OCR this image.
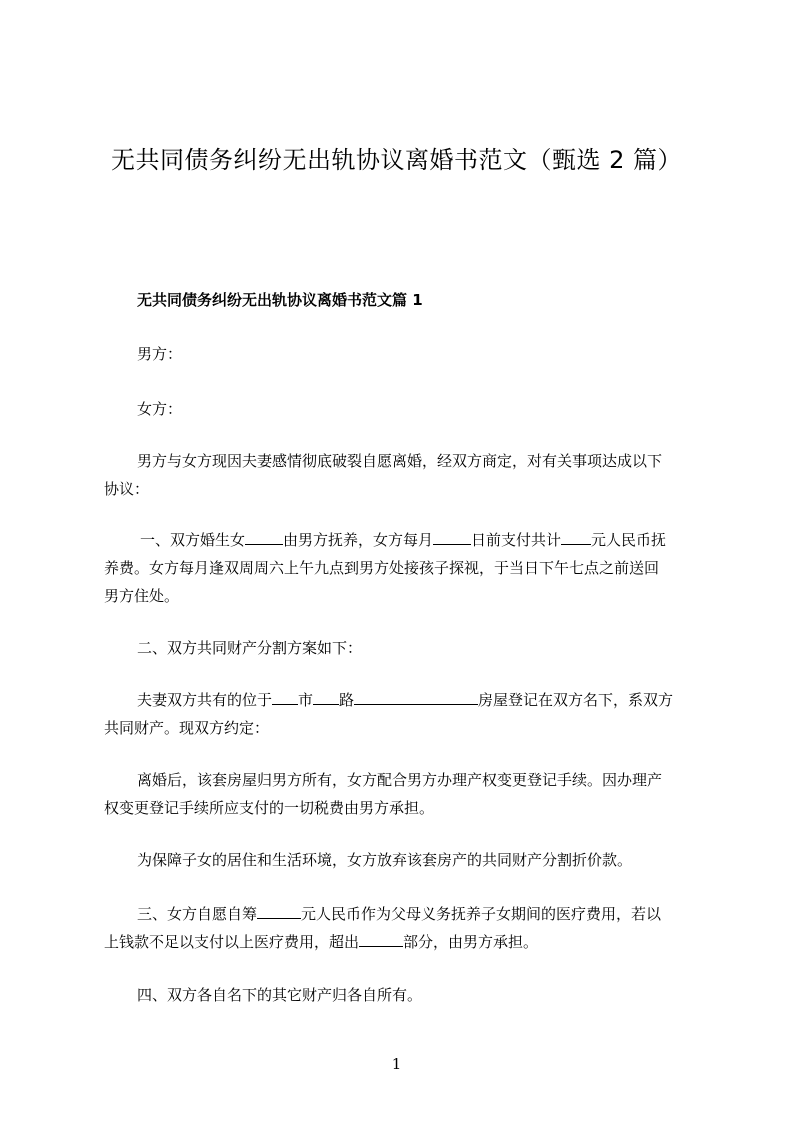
无共同债务纠纷无出轨协议离婚书范文（甄选 2 篇）
无共同债务纠纷无出轨协议离婚书范文篇 1

男方：

女方：

男方与女方现因夫妻感情彻底破裂自愿离婚，经双方商定，对有关事项达成以下
协议：

一、双方婚生女	由男方抚养，女方每月	日前支付共计 元人民币抚
养费。女方每月逢双周周六上午九点到男方处接孩子探视，于当日下午七点之前送回
男方住处。

二、双方共同财产分割方案如下：

夫妻双方共有的位于 市 路	房屋登记在双方名下，系双方
共同财产。现双方约定：

离婚后，该套房屋归男方所有，女方配合男方办理产权变更登记手续。因办理产
权变更登记手续所应支付的一切税费由男方承担。

为保障子女的居住和生活环境，女方放弃该套房产的共同财产分割折价款。

三、女方自愿自筹	元人民币作为父母义务抚养子女期间的医疗费用，若以
上钱款不足以支付以上医疗费用，超出	部分，由男方承担。

四、双方各自名下的其它财产归各自所有。

1
